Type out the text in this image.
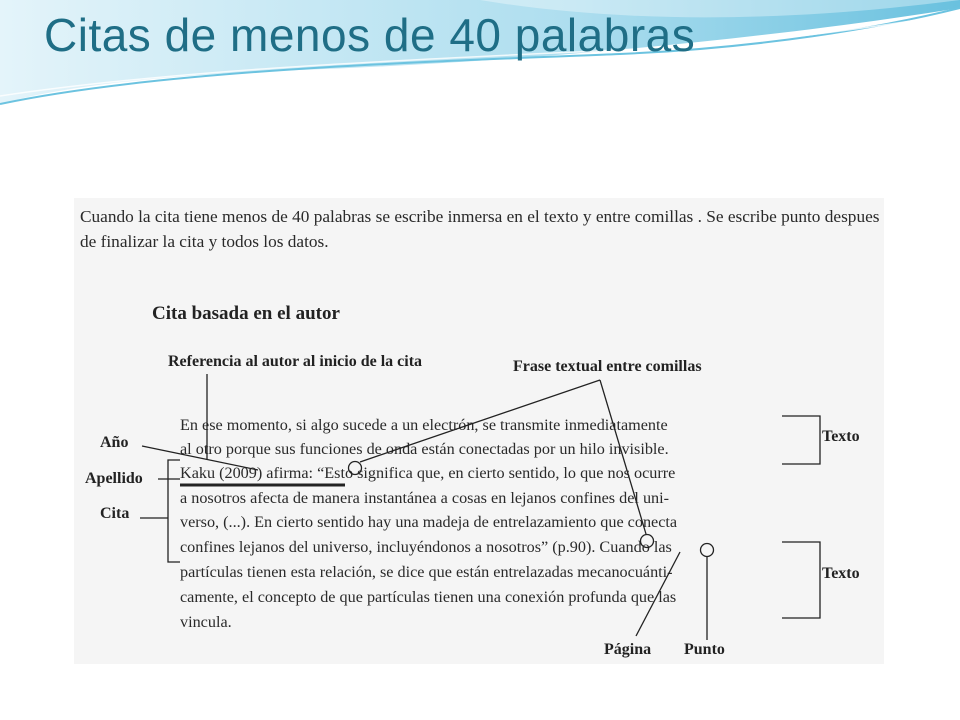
Citas de menos de 40 palabras

Cuando la cita tiene menos de 40 palabras se escribe inmersa en el texto y entre comillas . Se escribe punto despues de finalizar la cita y todos los datos.

Cita basada en el autor
Referencia al autor al inicio de la cita	Frase textual entre comillas
Año
Apellido
Cita
Texto
Texto
Página Punto
En ese momento, si algo sucede a un electrón, se transmite inmediatamente
al otro porque sus funciones de onda están conectadas por un hilo invisible.
Kaku (2009) afirma: “Esto significa que, en cierto sentido, lo que nos ocurre
a nosotros afecta de manera instantánea a cosas en lejanos confines del uni-
verso, (...). En cierto sentido hay una madeja de entrelazamiento que conecta
confines lejanos del universo, incluyéndonos a nosotros” (p.90). Cuando las
partículas tienen esta relación, se dice que están entrelazadas mecanocuánti-
camente, el concepto de que partículas tienen una conexión profunda que las
vincula.
